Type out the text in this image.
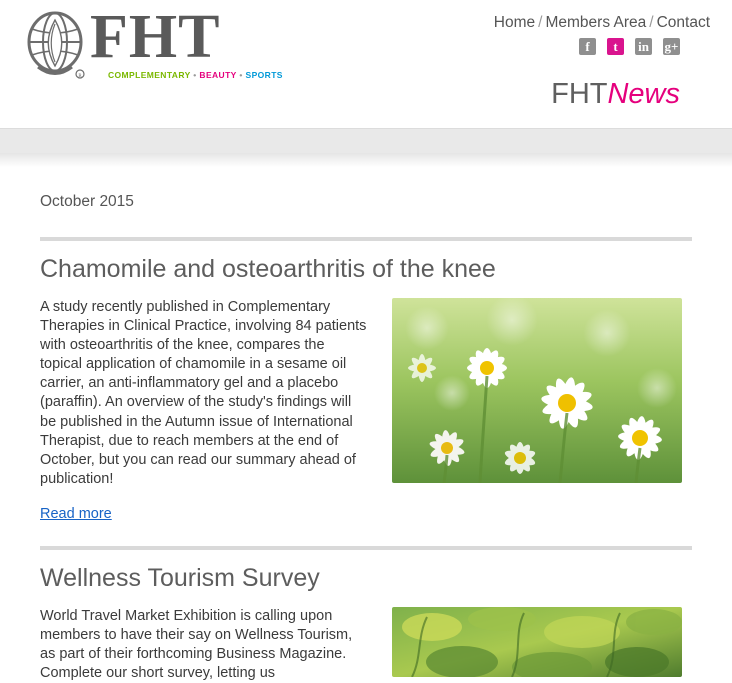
R
FHT
COMPLEMENTARY • BEAUTY • SPORTS
Home / Members Area / Contact
f	t	in g+
FHTNews
October 2015
Chamomile and osteoarthritis of the knee
A study recently published in Complementary Therapies in Clinical Practice, involving 84 patients with osteoarthritis of the knee, compares the topical application of chamomile in a sesame oil carrier, an anti-inflammatory gel and a placebo (paraffin). An overview of the study's findings will be published in the Autumn issue of International Therapist, due to reach members at the end of October, but you can read our summary ahead of publication!
Read more
Wellness Tourism Survey
World Travel Market Exhibition is calling upon members to have their say on Wellness Tourism, as part of their forthcoming Business Magazine. Complete our short survey, letting us
